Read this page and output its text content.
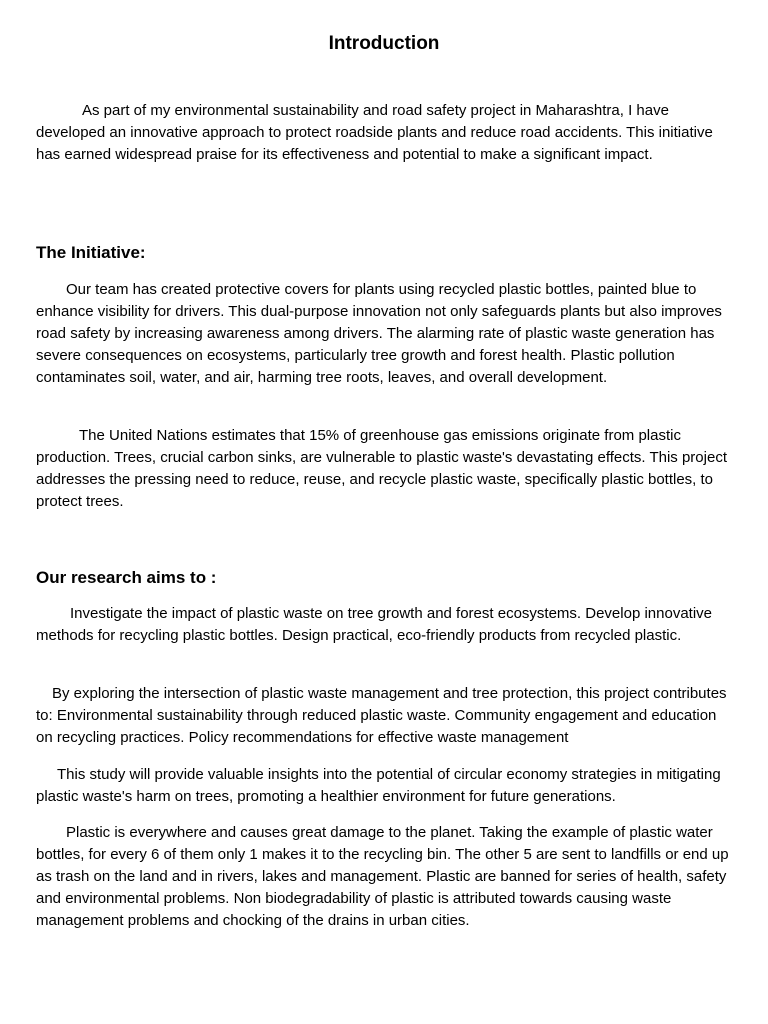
Introduction

As part of my environmental sustainability and road safety project in Maharashtra, I have developed an innovative approach to protect roadside plants and reduce road accidents. This initiative has earned widespread praise for its effectiveness and potential to make a significant impact.

The Initiative:

Our team has created protective covers for plants using recycled plastic bottles, painted blue to enhance visibility for drivers. This dual-purpose innovation not only safeguards plants but also improves road safety by increasing awareness among drivers. The alarming rate of plastic waste generation has severe consequences on ecosystems, particularly tree growth and forest health. Plastic pollution contaminates soil, water, and air, harming tree roots, leaves, and overall development.

The United Nations estimates that 15% of greenhouse gas emissions originate from plastic production. Trees, crucial carbon sinks, are vulnerable to plastic waste's devastating effects. This project addresses the pressing need to reduce, reuse, and recycle plastic waste, specifically plastic bottles, to protect trees.

Our research aims to :

Investigate the impact of plastic waste on tree growth and forest ecosystems. Develop innovative methods for recycling plastic bottles. Design practical, eco-friendly products from recycled plastic.

By exploring the intersection of plastic waste management and tree protection, this project contributes to: Environmental sustainability through reduced plastic waste. Community engagement and education on recycling practices. Policy recommendations for effective waste management

This study will provide valuable insights into the potential of circular economy strategies in mitigating plastic waste's harm on trees, promoting a healthier environment for future generations.

Plastic is everywhere and causes great damage to the planet. Taking the example of plastic water bottles, for every 6 of them only 1 makes it to the recycling bin. The other 5 are sent to landfills or end up as trash on the land and in rivers, lakes and management. Plastic are banned for series of health, safety and environmental problems. Non biodegradability of plastic is attributed towards causing waste management problems and chocking of the drains in urban cities.
